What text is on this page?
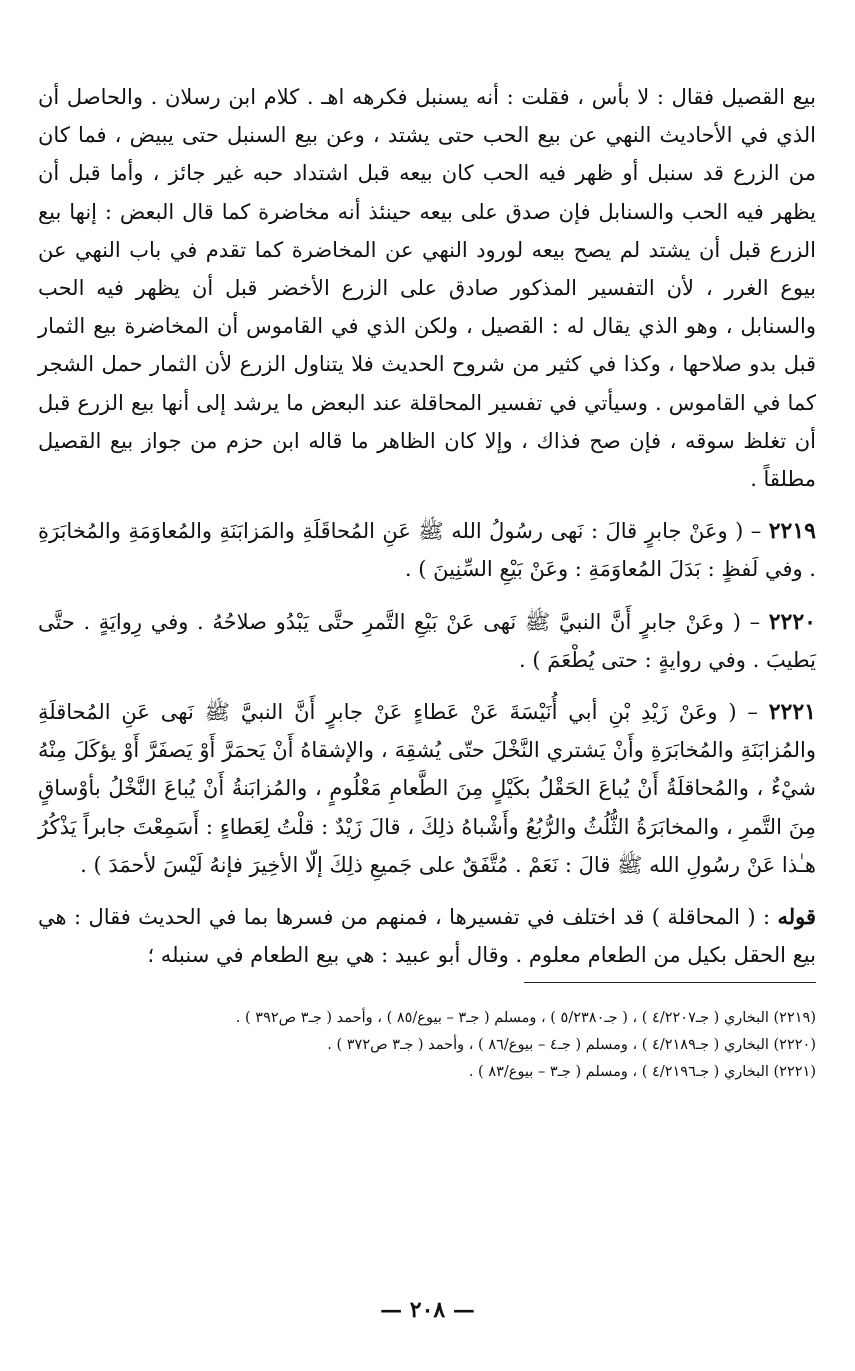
بيع القصيل فقال : لا بأس ، فقلت : أنه يسنبل فكرهه اهـ . كلام ابن رسلان . والحاصل أن الذي في الأحاديث النهي عن بيع الحب حتى يشتد ، وعن بيع السنبل حتى يبيض ، فما كان من الزرع قد سنبل أو ظهر فيه الحب كان بيعه قبل اشتداد حبه غير جائز ، وأما قبل أن يظهر فيه الحب والسنابل فإن صدق على بيعه حينئذ أنه مخاضرة كما قال البعض : إنها بيع الزرع قبل أن يشتد لم يصح بيعه لورود النهي عن المخاضرة كما تقدم في باب النهي عن بيوع الغرر ، لأن التفسير المذكور صادق على الزرع الأخضر قبل أن يظهر فيه الحب والسنابل ، وهو الذي يقال له : القصيل ، ولكن الذي في القاموس أن المخاضرة بيع الثمار قبل بدو صلاحها ، وكذا في كثير من شروح الحديث فلا يتناول الزرع لأن الثمار حمل الشجر كما في القاموس . وسيأتي في تفسير المحاقلة عند البعض ما يرشد إلى أنها بيع الزرع قبل أن تغلظ سوقه ، فإن صح فذاك ، وإلا كان الظاهر ما قاله ابن حزم من جواز بيع القصيل مطلقاً .

٢٢١٩ – ( وعَنْ جابرٍ قالَ : نَهى رسُولُ الله ﷺ عَنِ المُحاقَلَةِ والمَزابَنَةِ والمُعاوَمَةِ والمُخابَرَةِ . وفي لَفظٍ : بَدَلَ المُعاوَمَةِ : وعَنْ بَيْعِ السِّنِينَ ) .

٢٢٢٠ – ( وعَنْ جابرٍ أَنَّ النبيَّ ﷺ نَهى عَنْ بَيْعِ التَّمرِ حتَّى يَبْدُو صلاحُهُ . وفي رِوايَةٍ . حتَّى يَطيبَ . وفي روايةٍ : حتى يُطْعَمَ ) .

٢٢٢١ – ( وعَنْ زَيْدِ بْنِ أبي أُنَيْسَةَ عَنْ عَطاءٍ عَنْ جابرٍ أَنَّ النبيَّ ﷺ نَهى عَنِ المُحاقلَةِ والمُزابَنَةِ والمُخابَرَةِ وأَنْ يَشتري النَّخْلَ حتّى يُشقِهَ ، والإشقاهُ أَنْ يَحمَرَّ أَوْ يَصفَرَّ أَوْ يؤكَلَ مِنْهُ شيْءٌ ، والمُحاقلَةُ أَنْ يُباعَ الحَقْلُ بكَيْلٍ مِنَ الطَّعامِ مَعْلُومٍ ، والمُزابَنةُ أَنْ يُباعَ النَّخْلُ بأوْساقٍ مِنَ التَّمرِ ، والمخابَرَةُ الثُّلُثُ والرُّبُعُ وأَشْباهُ ذلِكَ ، قالَ زَيْدٌ : قلْتُ لِعَطاءٍ : أَسَمِعْتَ جابراً يَذْكُرُ هـٰذا عَنْ رسُولِ الله ﷺ قالَ : نَعَمْ . مُتَّفَقٌ على جَميعِ ذلِكَ إلّا الأخِيرَ فإنهُ لَيْسَ لأحمَدَ ) .

قوله : ( المحاقلة ) قد اختلف في تفسيرها ، فمنهم من فسرها بما في الحديث فقال : هي بيع الحقل بكيل من الطعام معلوم . وقال أبو عبيد : هي بيع الطعام في سنبله ؛

(٢٢١٩) البخاري ( جـ٤/٢٢٠٧ ) ، ( جـ٥/٢٣٨٠ ) ، ومسلم ( جـ٣ – بيوع/٨٥ ) ، وأحمد ( جـ٣ ص٣٩٢ ) .

(٢٢٢٠) البخاري ( جـ٤/٢١٨٩ ) ، ومسلم ( جـ٤ – بيوع/٨٦ ) ، وأحمد ( جـ٣ ص٣٧٢ ) .

(٢٢٢١) البخاري ( جـ٤/٢١٩٦ ) ، ومسلم ( جـ٣ – بيوع/٨٣ ) .

— ٢٠٨ —
